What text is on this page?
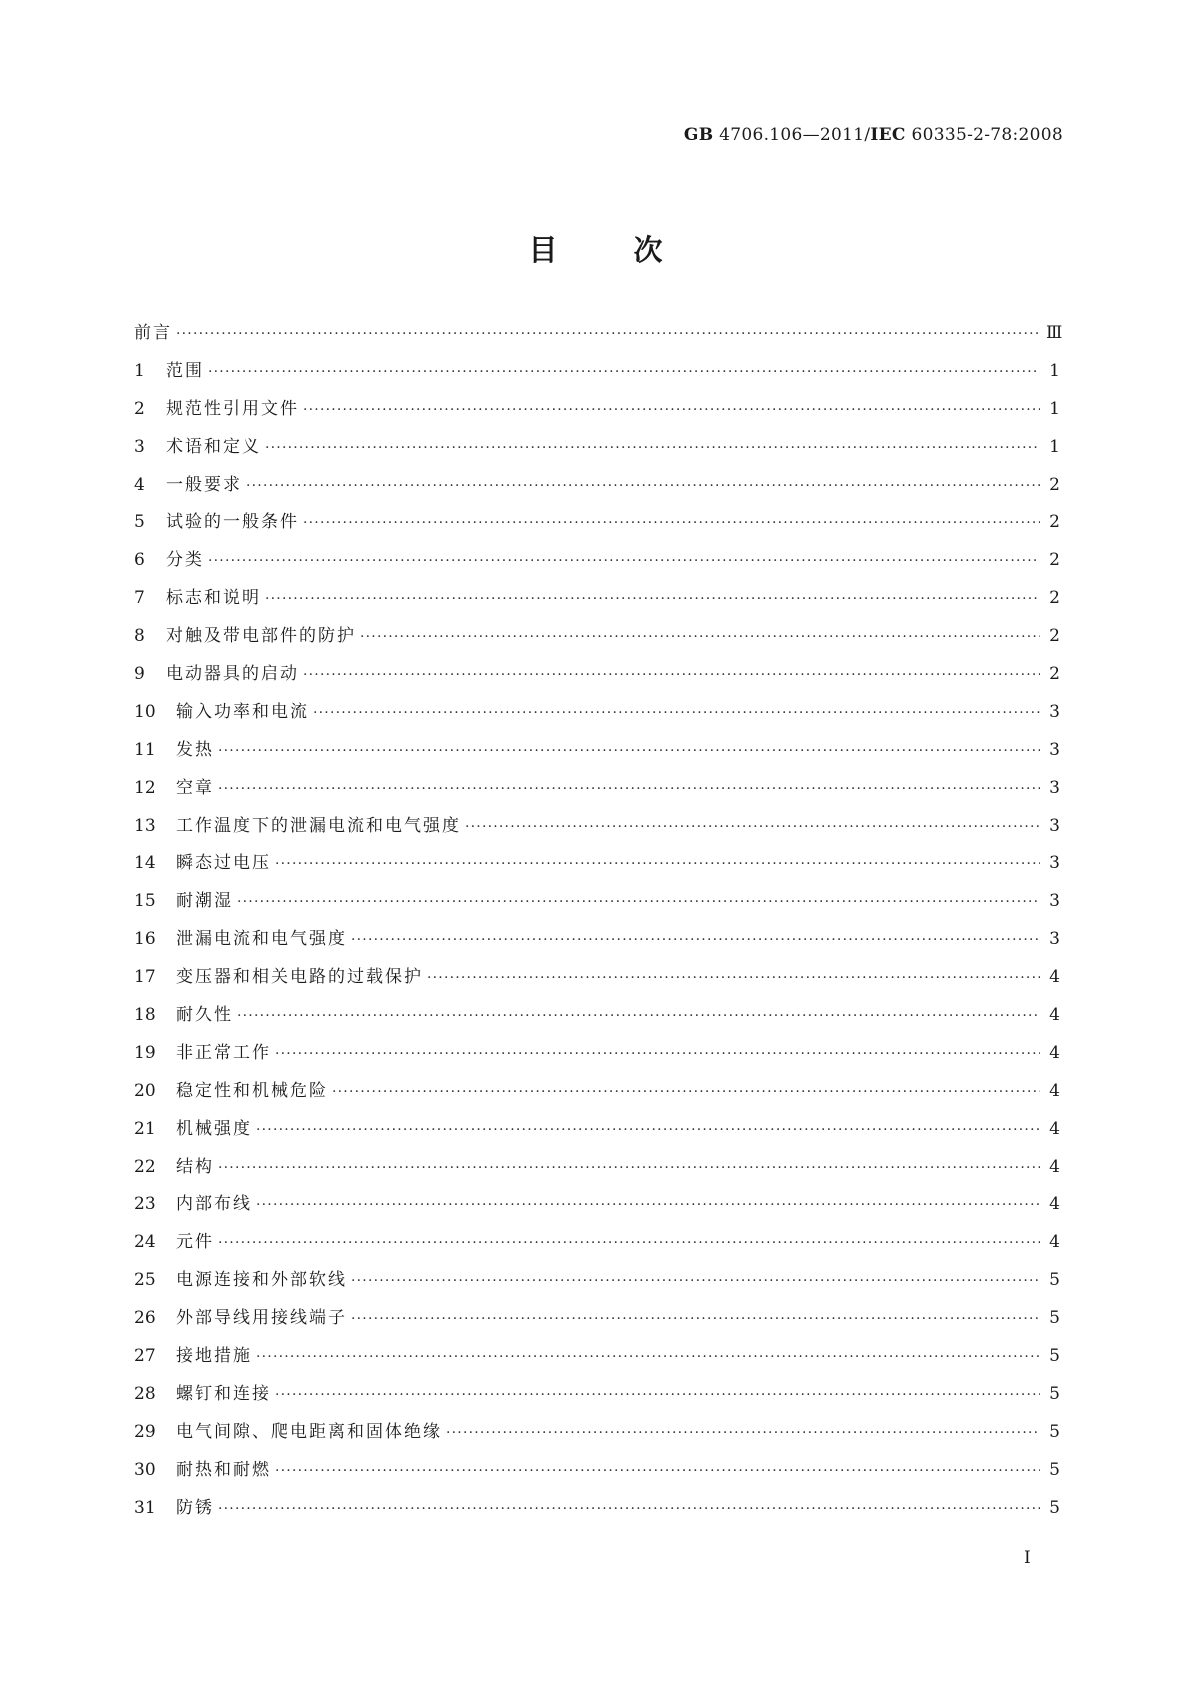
GB 4706.106—2011/IEC 60335-2-78:2008
目	次
前言 ·····	Ⅲ
1	范围 ·····	1
2	规范性引用文件 ·····	1
3	术语和定义 ·····	1
4	一般要求 ·····	2
5	试验的一般条件 ·····	2
6	分类 ·····	2
7	标志和说明 ·····	2
8	对触及带电部件的防护 ·····	2
9	电动器具的启动 ·····	2
10	输入功率和电流 ·····	3
11	发热 ·····	3
12	空章 ·····	3
13	工作温度下的泄漏电流和电气强度 ·····	3
14	瞬态过电压 ·····	3
15	耐潮湿 ·····	3
16	泄漏电流和电气强度 ·····	3
17	变压器和相关电路的过载保护 ·····	4
18	耐久性 ·····	4
19	非正常工作 ·····	4
20	稳定性和机械危险 ·····	4
21	机械强度 ·····	4
22	结构 ·····	4
23	内部布线 ·····	4
24	元件 ·····	4
25	电源连接和外部软线 ·····	5
26	外部导线用接线端子 ·····	5
27	接地措施 ·····	5
28	螺钉和连接 ·····	5
29	电气间隙、爬电距离和固体绝缘 ·····	5
30	耐热和耐燃 ·····	5
31	防锈 ·····	5
I
